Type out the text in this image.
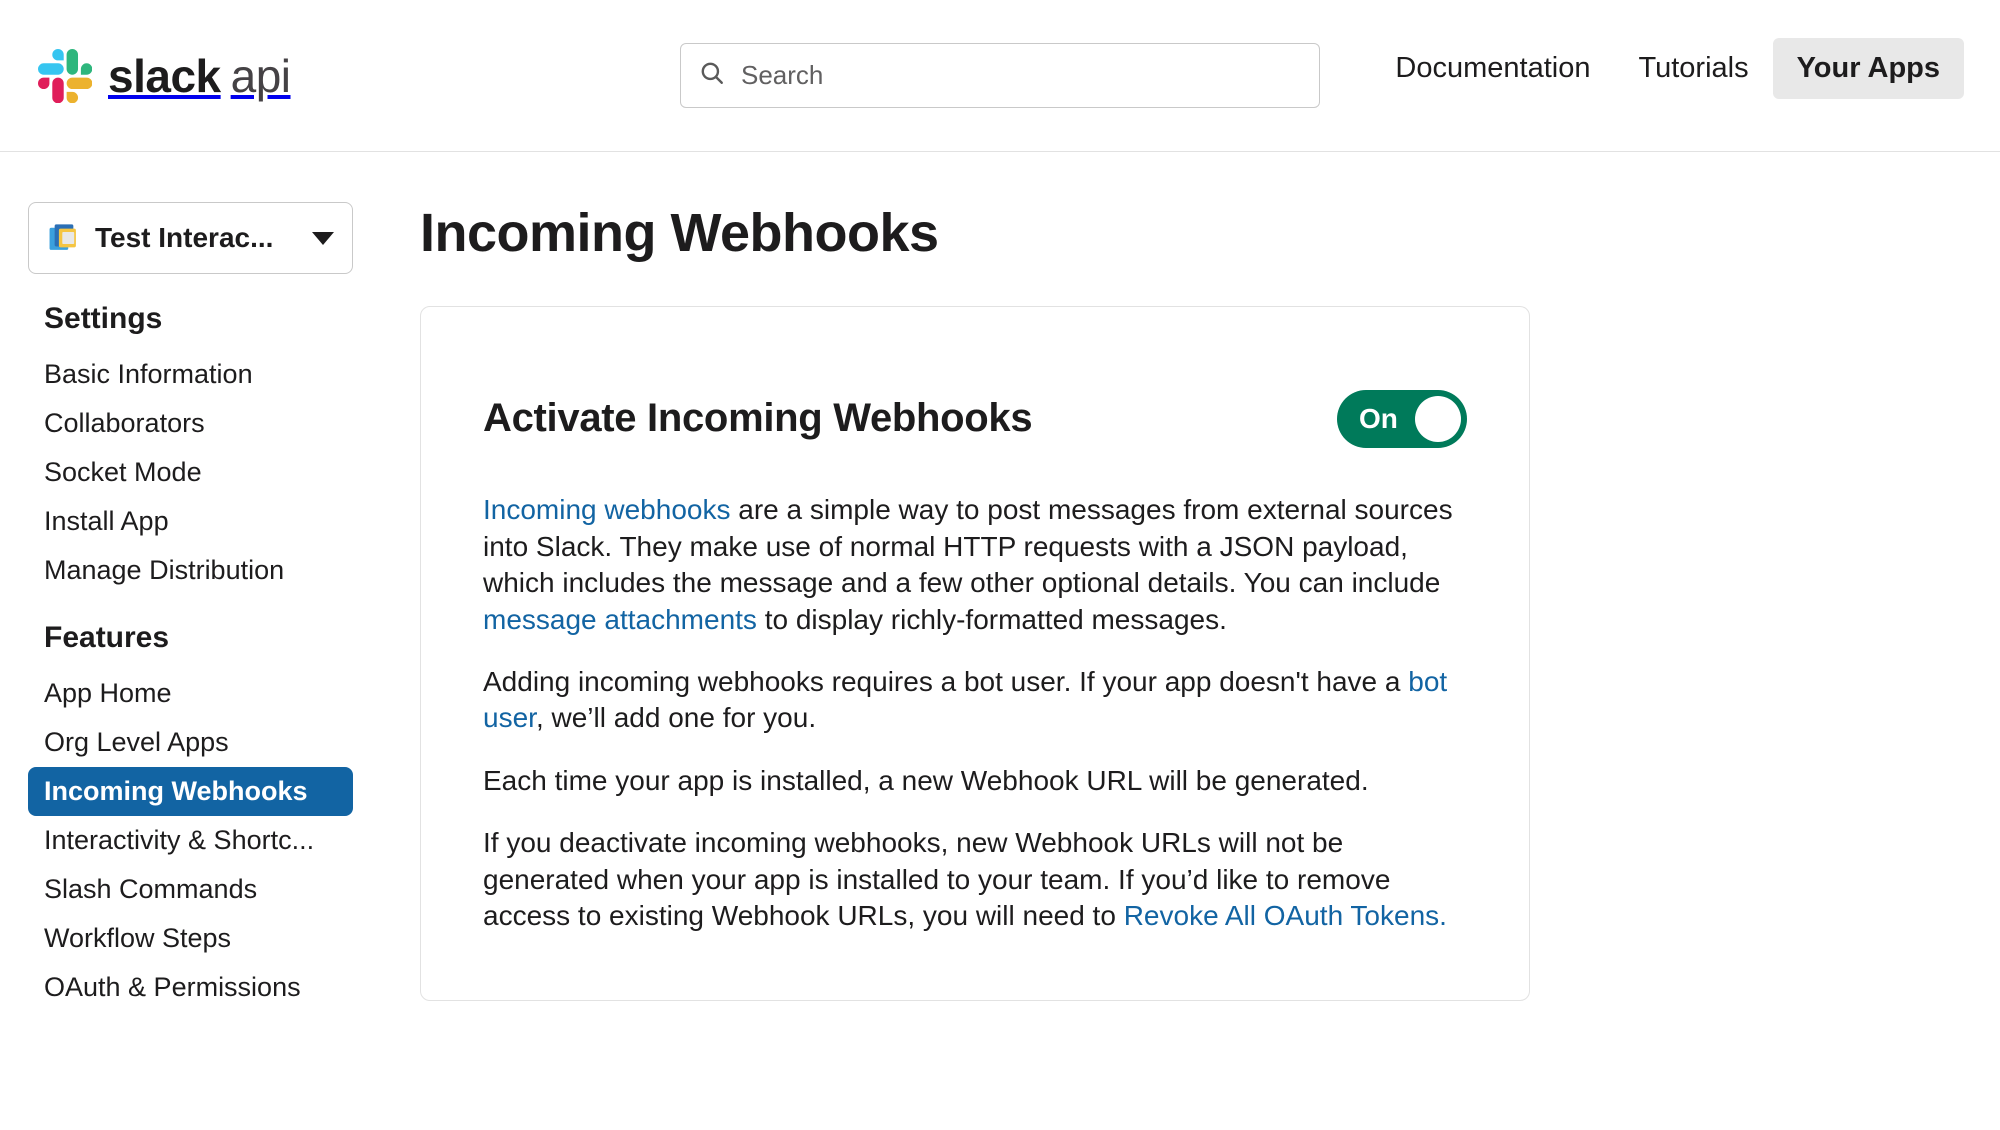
slack api
Search	Documentation	Tutorials	Your Apps
Test Interac...
Settings
Basic Information
Collaborators
Socket Mode
Install App
Manage Distribution
Features
App Home
Org Level Apps
Incoming Webhooks
Interactivity & Shortc...
Slash Commands
Workflow Steps
OAuth & Permissions
Incoming Webhooks
Activate Incoming Webhooks	On

Incoming webhooks are a simple way to post messages from external sources into Slack. They make use of normal HTTP requests with a JSON payload, which includes the message and a few other optional details. You can include message attachments to display richly-formatted messages.

Adding incoming webhooks requires a bot user. If your app doesn't have a bot user, we’ll add one for you.

Each time your app is installed, a new Webhook URL will be generated.

If you deactivate incoming webhooks, new Webhook URLs will not be generated when your app is installed to your team. If you’d like to remove access to existing Webhook URLs, you will need to Revoke All OAuth Tokens.
